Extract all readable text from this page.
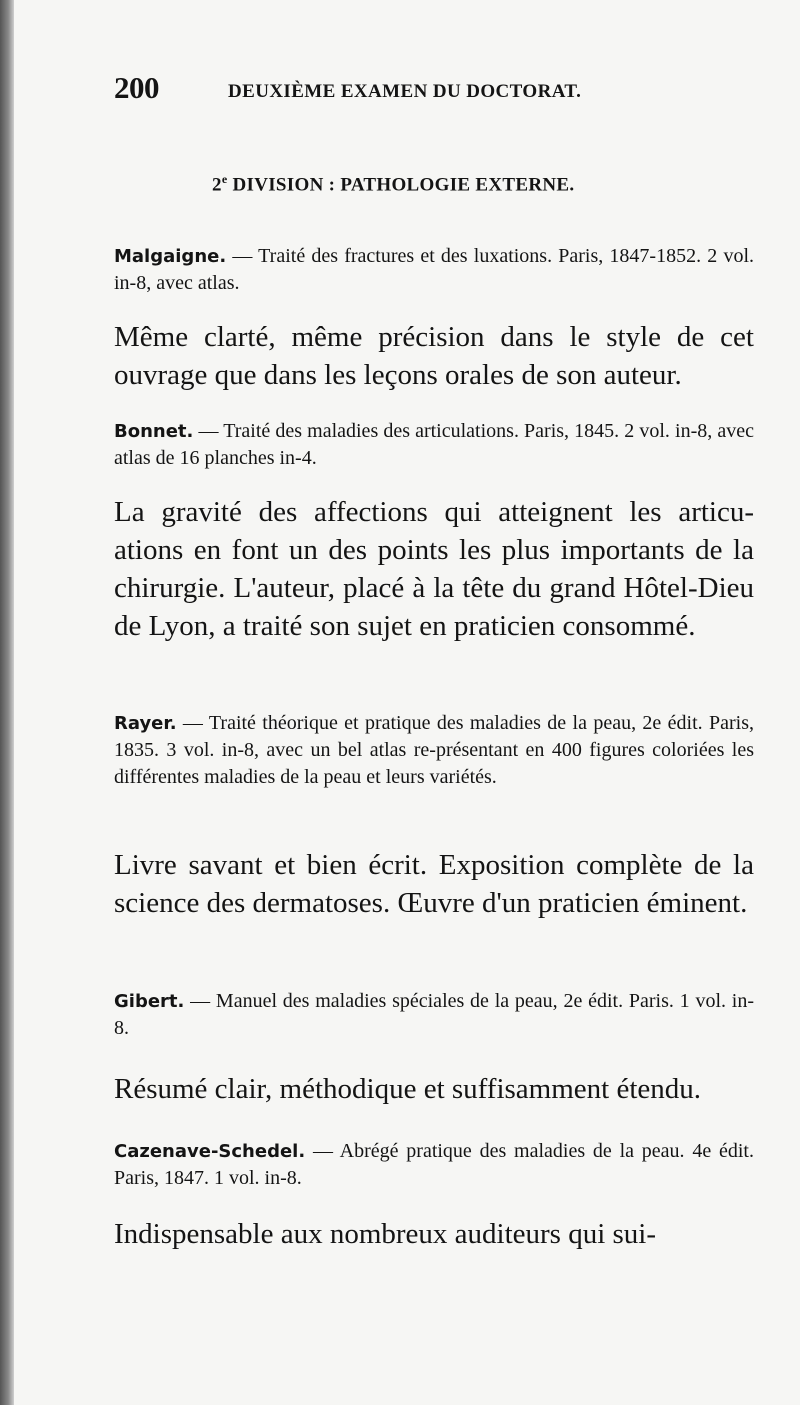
200	DEUXIÈME EXAMEN DU DOCTORAT.
2e DIVISION : PATHOLOGIE EXTERNE.
Malgaigne. — Traité des fractures et des luxations. Paris, 1847-1852. 2 vol. in-8, avec atlas.
Même clarté, même précision dans le style de cet ouvrage que dans les leçons orales de son auteur.
Bonnet. — Traité des maladies des articulations. Paris, 1845. 2 vol. in-8, avec atlas de 16 planches in-4.
La gravité des affections qui atteignent les articu-ations en font un des points les plus importants de la chirurgie. L'auteur, placé à la tête du grand Hôtel-Dieu de Lyon, a traité son sujet en praticien consommé.
Rayer. — Traité théorique et pratique des maladies de la peau, 2e édit. Paris, 1835. 3 vol. in-8, avec un bel atlas re-présentant en 400 figures coloriées les différentes maladies de la peau et leurs variétés.
Livre savant et bien écrit. Exposition complète de la science des dermatoses. Œuvre d'un praticien éminent.
Gibert. — Manuel des maladies spéciales de la peau, 2e édit. Paris. 1 vol. in-8.
Résumé clair, méthodique et suffisamment étendu.
Cazenave-Schedel. — Abrégé pratique des maladies de la peau. 4e édit. Paris, 1847. 1 vol. in-8.
Indispensable aux nombreux auditeurs qui sui-
